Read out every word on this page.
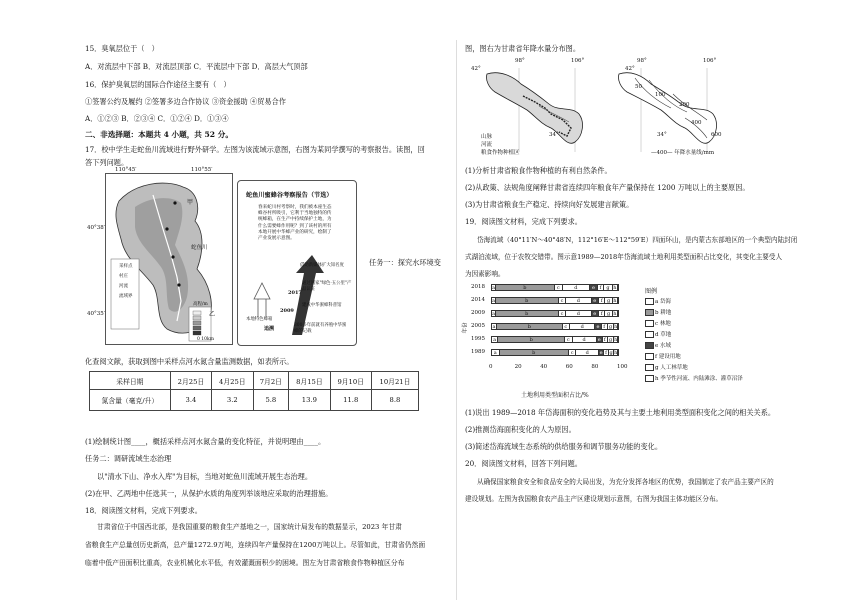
15．臭氧层位于（　）
A．对流层中下部 B．对流层顶部 C．平流层中下部 D．高层大气顶部
16．保护臭氧层的国际合作途径主要有（　）
①签署公约及履约 ②签署多边合作协议 ③资金援助 ④贸易合作
A．①②③ B．②③④ C．①②④ D．①③④
二、非选择题：本题共 4 小题，共 52 分。
17．校中学生走蛇鱼川流域进行野外研学。左图为该流域示意图，右图为某同学撰写的考察报告。读图，回
答下列问题。
110°45′	110°55′
40°38′
40°35′
甲
乙
蛇鱼川
高程/m
0 10km
采样点
村庄
河流
流域界
蛇鱼川蜜蜂谷考察报告（节选）
春来蛇川村考察时，我们被本座生态蜂谷村所吸引，它利于当地独特的传统蜂箱，在生产中持续保护土地，为什么需要蜂作用呢？到了该村的所有本地开展中华蜂产业的研究，绘制了产业发展示意图。
借助新媒体扩大知名度
通过国家"绿色·五公里"产品认证
建成中华蜜蜂科普馆
300多年前就有养殖中华蜜蜂的记载
2017
2009
追溯
本地特色蜂箱
任务一：探究水环境变
化查阅文献，获取到图中采样点河水氮含量监测数据，如表所示。
采样日期	2月25日	4月25日	7月2日	8月15日	9月10日	10月21日
氮含量（毫克/升）	3.4	3.2	5.8	13.9	11.8	8.8
(1)绘制统计图____，概括采样点河水氮含量的变化特征，并说明理由____。
任务二：调研流域生态治理
以"清水下山、净水入库"为目标，当地对蛇鱼川流域开展生态治理。
(2)在甲、乙两地中任选其一，从保护水质的角度列举该地应采取的治理措施。
18．阅读图文材料，完成下列要求。
甘肃省位于中国西北部，是我国重要的粮食生产基地之一，国家统计局发布的数据显示，2023 年甘肃
省粮食生产总量创历史新高，总产量1272.9万吨，连续四年产量保持在1200万吨以上。尽管如此，甘肃省仍然面
临着中低产田面积比重高，农业机械化水平低，有效灌溉面积少的困境。图左为甘肃省粮食作物种植区分布
图，图右为甘肃省年降水量分布图。
42°
98°	106°
34°
山脉
河流
粮食作物种植区
42°
98°	106°
34°
50
100
200
400
600
—400— 年降水量线/mm
(1)分析甘肃省粮食作物种植的有利自然条件。
(2)从政策、法规角度阐释甘肃省连续四年粮食年产量保持在 1200 万吨以上的主要原因。
(3)为甘肃省粮食生产稳定、持续向好发展建言献策。
19．阅读图文材料，完成下列要求。
岱海流域（40°11′N～40°48′N，112°16′E～112°59′E）四面环山，是内蒙古东部地区的一个典型内陆封闭
式湖泊流域，位于农牧交错带。图示意1989—2018年岱海流域土地利用类型面积占比变化，其变化主要受人
为因素影响。
年份
2018 a	b	c	d	e f	g h
2014 a	b	c	d	e f g h
2009 a	b	c	d	e f g h
2005 a	b	c	d	e f g h
1995 a	b	c	d	e f g h
1989	a	b	c	d	e f g h
0	20	40	60	80	100
土地利用类型面积占比/%
图例
a 岱海
b 耕地
c 林地
d 草地
e 水域
f 建设用地
g 人工林草地
h 季节性河流、内陆滩涂、灌草沼泽
(1)说出 1989—2018 年岱海面积的变化趋势及其与主要土地利用类型面积变化之间的相关关系。
(2)推测岱海面积变化的人为原因。
(3)简述岱海流域生态系统的供给服务和调节服务功能的变化。
20．阅读图文材料，回答下列问题。
从确保国家粮食安全和食品安全的大局出发，为充分发挥各地区的优势，我国制定了农产品主要产区的
建设规划。左图为我国粮食农产品主产区建设规划示意图，右图为我国主体功能区分布。
